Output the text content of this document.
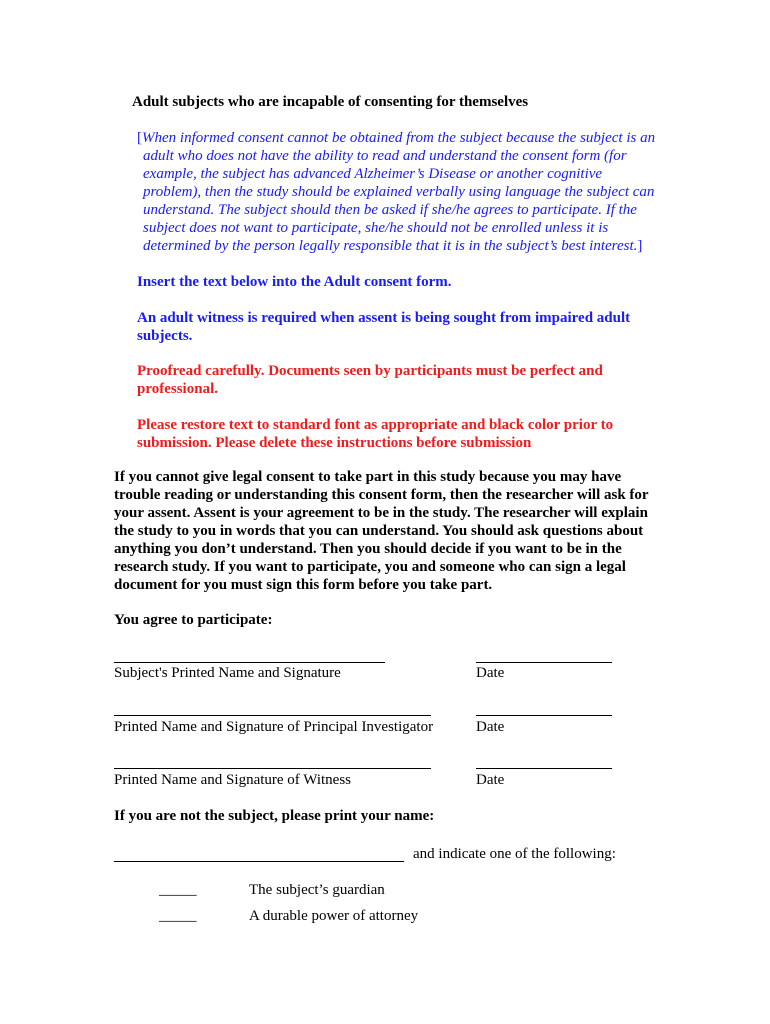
Adult subjects who are incapable of consenting for themselves
[When informed consent cannot be obtained from the subject because the subject is an
adult who does not have the ability to read and understand the consent form (for
example, the subject has advanced Alzheimer’s Disease or another cognitive
problem), then the study should be explained verbally using language the subject can
understand. The subject should then be asked if she/he agrees to participate. If the
subject does not want to participate, she/he should not be enrolled unless it is
determined by the person legally responsible that it is in the subject’s best interest.]
Insert the text below into the Adult consent form.
An adult witness is required when assent is being sought from impaired adult subjects.
Proofread carefully. Documents seen by participants must be perfect and professional.
Please restore text to standard font as appropriate and black color prior to submission. Please delete these instructions before submission
If you cannot give legal consent to take part in this study because you may have trouble reading or understanding this consent form, then the researcher will ask for your assent. Assent is your agreement to be in the study. The researcher will explain the study to you in words that you can understand. You should ask questions about anything you don’t understand. Then you should decide if you want to be in the research study. If you want to participate, you and someone who can sign a legal document for you must sign this form before you take part.
You agree to participate:
Subject's Printed Name and Signature	Date
Printed Name and Signature of Principal Investigator	Date
Printed Name and Signature of Witness	Date
If you are not the subject, please print your name:
and indicate one of the following:
_____	The subject’s guardian
_____	A durable power of attorney
